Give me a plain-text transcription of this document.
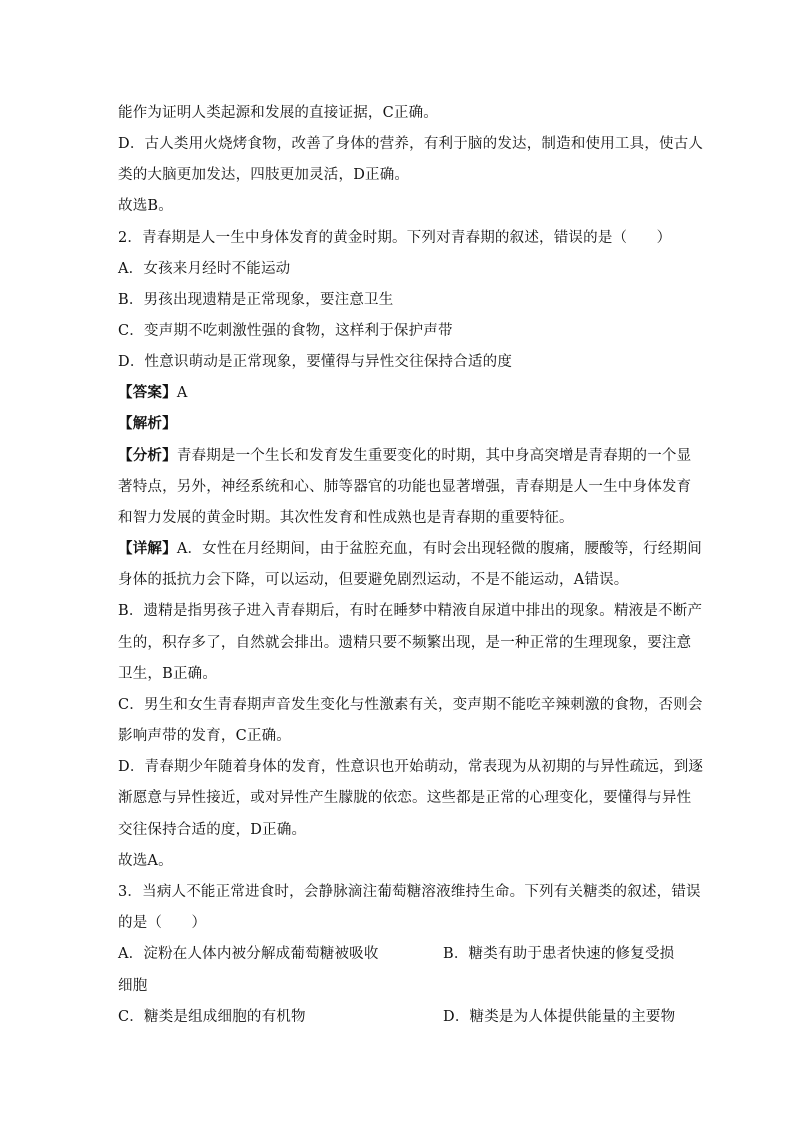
能作为证明人类起源和发展的直接证据，C正确。
D．古人类用火烧烤食物，改善了身体的营养，有利于脑的发达，制造和使用工具，使古人
类的大脑更加发达，四肢更加灵活，D正确。
故选B。
2．青春期是人一生中身体发育的黄金时期。下列对青春期的叙述，错误的是（　　）
A．女孩来月经时不能运动
B．男孩出现遗精是正常现象，要注意卫生
C．变声期不吃刺激性强的食物，这样利于保护声带
D．性意识萌动是正常现象，要懂得与异性交往保持合适的度
【答案】A
【解析】
【分析】青春期是一个生长和发育发生重要变化的时期，其中身高突增是青春期的一个显
著特点，另外，神经系统和心、肺等器官的功能也显著增强，青春期是人一生中身体发育
和智力发展的黄金时期。其次性发育和性成熟也是青春期的重要特征。
【详解】A．女性在月经期间，由于盆腔充血，有时会出现轻微的腹痛，腰酸等，行经期间
身体的抵抗力会下降，可以运动，但要避免剧烈运动，不是不能运动，A错误。
B．遗精是指男孩子进入青春期后，有时在睡梦中精液自尿道中排出的现象。精液是不断产
生的，积存多了，自然就会排出。遗精只要不频繁出现，是一种正常的生理现象，要注意
卫生，B正确。
C．男生和女生青春期声音发生变化与性激素有关，变声期不能吃辛辣刺激的食物，否则会
影响声带的发育，C正确。
D．青春期少年随着身体的发育，性意识也开始萌动，常表现为从初期的与异性疏远，到逐
渐愿意与异性接近，或对异性产生朦胧的依恋。这些都是正常的心理变化，要懂得与异性
交往保持合适的度，D正确。
故选A。
3．当病人不能正常进食时，会静脉滴注葡萄糖溶液维持生命。下列有关糖类的叙述，错误
的是（　　）
A．淀粉在人体内被分解成葡萄糖被吸收	B．糖类有助于患者快速的修复受损
细胞
C．糖类是组成细胞的有机物	D．糖类是为人体提供能量的主要物
